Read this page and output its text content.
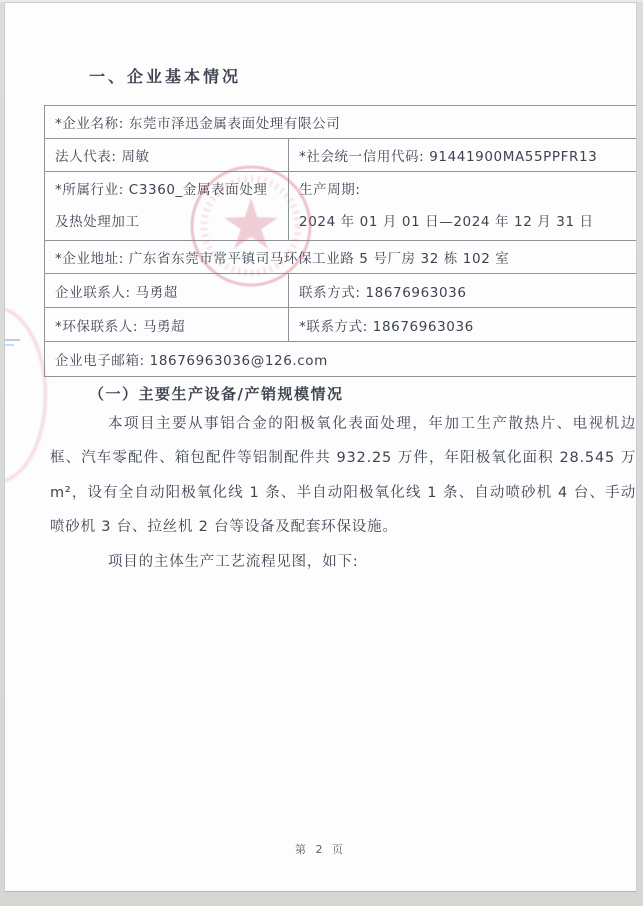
一、企业基本情况
*企业名称: 东莞市泽迅金属表面处理有限公司	
法人代表: 周敏	*社会统一信用代码: 91441900MA55PPFR13
*所属行业: C3360_金属表面处理及热处理加工	生产周期:
2024 年 01 月 01 日—2024 年 12 月 31 日

*企业地址: 广东省东莞市常平镇司马环保工业路 5 号厂房 32 栋 102 室	
企业联系人: 马勇超	联系方式: 18676963036
*环保联系人: 马勇超	*联系方式: 18676963036
企业电子邮箱: 18676963036@126.com	
（一）主要生产设备/产销规模情况

本项目主要从事铝合金的阳极氧化表面处理，年加工生产散热片、电视机边框、汽车零配件、箱包配件等铝制配件共 932.25 万件，年阳极氧化面积 28.545 万 m²，设有全自动阳极氧化线 1 条、半自动阳极氧化线 1 条、自动喷砂机 4 台、手动喷砂机 3 台、拉丝机 2 台等设备及配套环保设施。

项目的主体生产工艺流程见图，如下:

第 2 页
